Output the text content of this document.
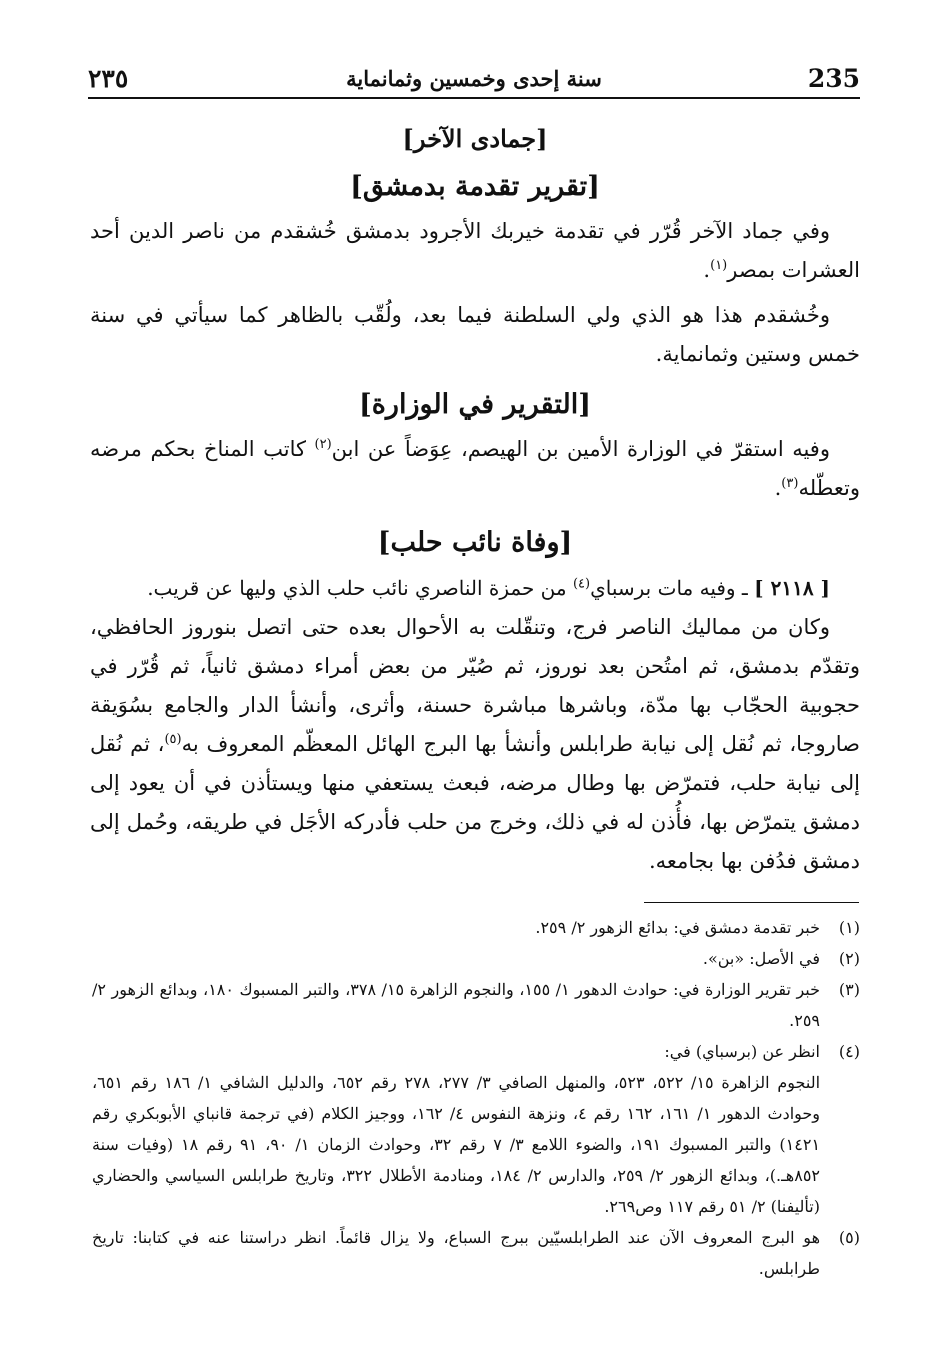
235
سنة إحدى وخمسين وثمانماية
٢٣٥
[جمادى الآخر]
[تقرير تقدمة بدمشق]

وفي جماد الآخر قُرّر في تقدمة خيربك الأجرود بدمشق خُشقدم من ناصر الدين أحد العشرات بمصر$^{(١)}$.

وخُشقدم هذا هو الذي ولي السلطنة فيما بعد، ولُقّب بالظاهر كما سيأتي في سنة خمس وستين وثمانماية.

[التقرير في الوزارة]

وفيه استقرّ في الوزارة الأمين بن الهيصم، عِوَضاً عن ابن$^{(٢)}$ كاتب المناخ بحكم مرضه وتعطّله$^{(٣)}$.

[وفاة نائب حلب]

[ ٢١١٨ ] ـ وفيه مات برسباي$^{(٤)}$ من حمزة الناصري نائب حلب الذي وليها عن قريب.

وكان من مماليك الناصر فرج، وتنقّلت به الأحوال بعده حتى اتصل بنوروز الحافظي، وتقدّم بدمشق، ثم امتُحن بعد نوروز، ثم صُيّر من بعض أمراء دمشق ثانياً، ثم قُرّر في حجوبية الحجّاب بها مدّة، وباشرها مباشرة حسنة، وأثرى، وأنشأ الدار والجامع بسُوَيقة صاروجا، ثم نُقل إلى نيابة طرابلس وأنشأ بها البرج الهائل المعظّم المعروف به$^{(٥)}$، ثم نُقل إلى نيابة حلب، فتمرّض بها وطال مرضه، فبعث يستعفي منها ويستأذن في أن يعود إلى دمشق يتمرّض بها، فأُذن له في ذلك، وخرج من حلب فأدركه الأجَل في طريقه، وحُمل إلى دمشق فدُفن بها بجامعه.

(١)
خبر تقدمة دمشق في: بدائع الزهور ٢/ ٢٥٩.

(٢)
في الأصل: «بن».

(٣)
خبر تقرير الوزارة في: حوادث الدهور ١/ ١٥٥، والنجوم الزاهرة ١٥/ ٣٧٨، والتبر المسبوك ١٨٠، وبدائع الزهور ٢/ ٢٥٩.

(٤)
انظر عن (برسباي) في:

النجوم الزاهرة ١٥/ ٥٢٢، ٥٢٣، والمنهل الصافي ٣/ ٢٧٧، ٢٧٨ رقم ٦٥٢، والدليل الشافي ١/ ١٨٦ رقم ٦٥١، وحوادث الدهور ١/ ١٦١، ١٦٢ رقم ٤، ونزهة النفوس ٤/ ١٦٢، ووجيز الكلام (في ترجمة قانباي الأبوبكري رقم ١٤٢١) والتبر المسبوك ١٩١، والضوء اللامع ٣/ ٧ رقم ٣٢، وحوادث الزمان ١/ ٩٠، ٩١ رقم ١٨ (وفيات سنة ٨٥٢هـ.)، وبدائع الزهور ٢/ ٢٥٩، والدارس ٢/ ١٨٤، ومنادمة الأطلال ٣٢٢، وتاريخ طرابلس السياسي والحضاري (تأليفنا) ٢/ ٥١ رقم ١١٧ وص٢٦٩.

(٥)
هو البرج المعروف الآن عند الطرابلسيّين ببرج السباع، ولا يزال قائماً. انظر دراستنا عنه في كتابنا: تاريخ طرابلس.
